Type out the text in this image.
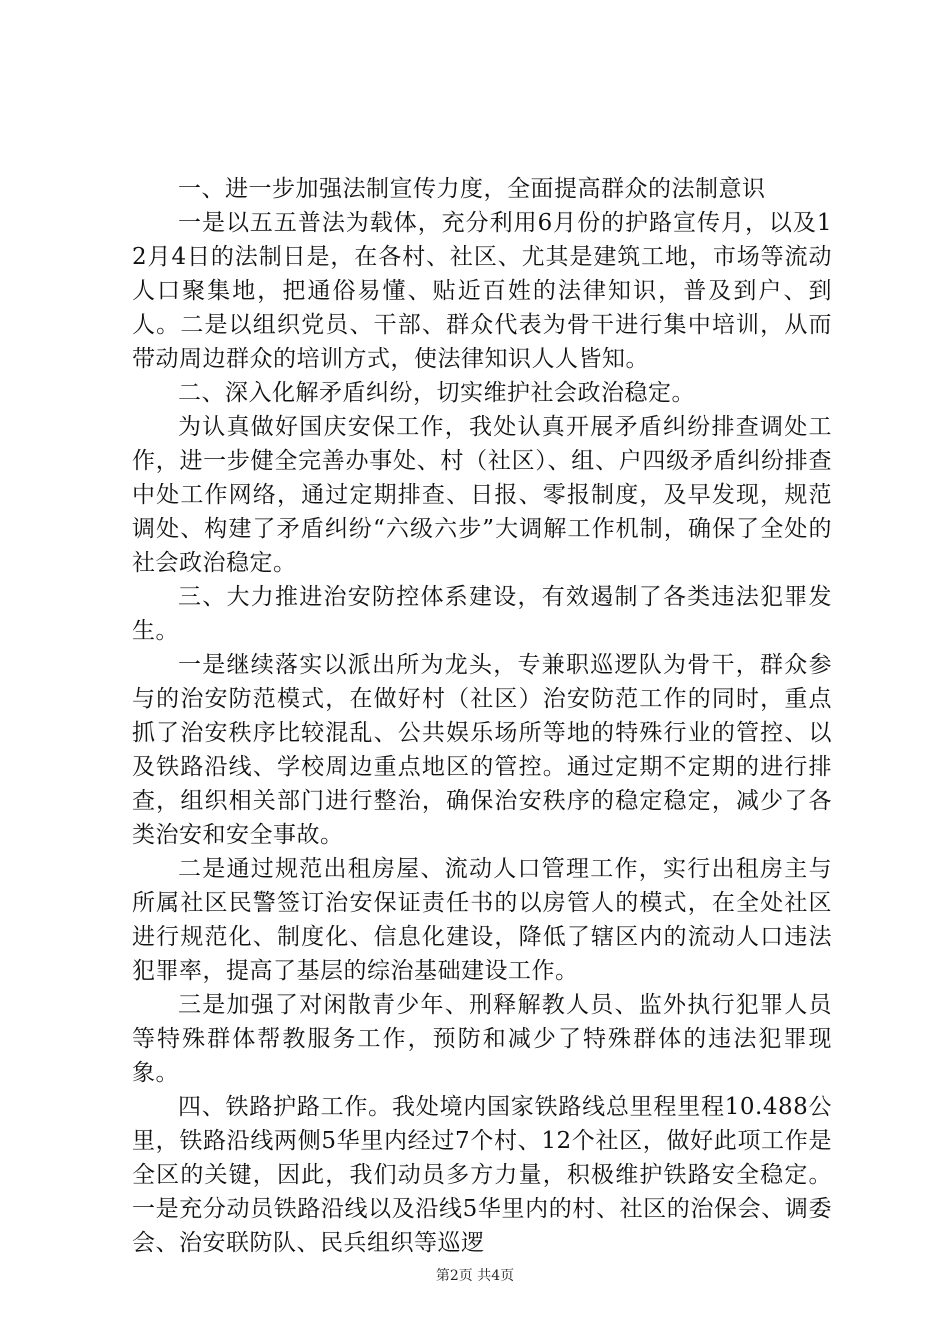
一、进一步加强法制宣传力度，全面提高群众的法制意识

一是以五五普法为载体，充分利用6月份的护路宣传月，以及12月4日的法制日是，在各村、社区、尤其是建筑工地，市场等流动人口聚集地，把通俗易懂、贴近百姓的法律知识，普及到户、到人。二是以组织党员、干部、群众代表为骨干进行集中培训，从而带动周边群众的培训方式，使法律知识人人皆知。

二、深入化解矛盾纠纷，切实维护社会政治稳定。

为认真做好国庆安保工作，我处认真开展矛盾纠纷排查调处工作，进一步健全完善办事处、村（社区）、组、户四级矛盾纠纷排查中处工作网络，通过定期排查、日报、零报制度，及早发现，规范调处、构建了矛盾纠纷“六级六步”大调解工作机制，确保了全处的社会政治稳定。

三、大力推进治安防控体系建设，有效遏制了各类违法犯罪发生。

一是继续落实以派出所为龙头，专兼职巡逻队为骨干，群众参与的治安防范模式，在做好村（社区）治安防范工作的同时，重点抓了治安秩序比较混乱、公共娱乐场所等地的特殊行业的管控、以及铁路沿线、学校周边重点地区的管控。通过定期不定期的进行排查，组织相关部门进行整治，确保治安秩序的稳定稳定，减少了各类治安和安全事故。

二是通过规范出租房屋、流动人口管理工作，实行出租房主与所属社区民警签订治安保证责任书的以房管人的模式，在全处社区进行规范化、制度化、信息化建设，降低了辖区内的流动人口违法犯罪率，提高了基层的综治基础建设工作。

三是加强了对闲散青少年、刑释解教人员、监外执行犯罪人员等特殊群体帮教服务工作，预防和减少了特殊群体的违法犯罪现象。

四、铁路护路工作。我处境内国家铁路线总里程里程10.488公里，铁路沿线两侧5华里内经过7个村、12个社区，做好此项工作是全区的关键，因此，我们动员多方力量，积极维护铁路安全稳定。一是充分动员铁路沿线以及沿线5华里内的村、社区的治保会、调委会、治安联防队、民兵组织等巡逻

第2页 共4页
